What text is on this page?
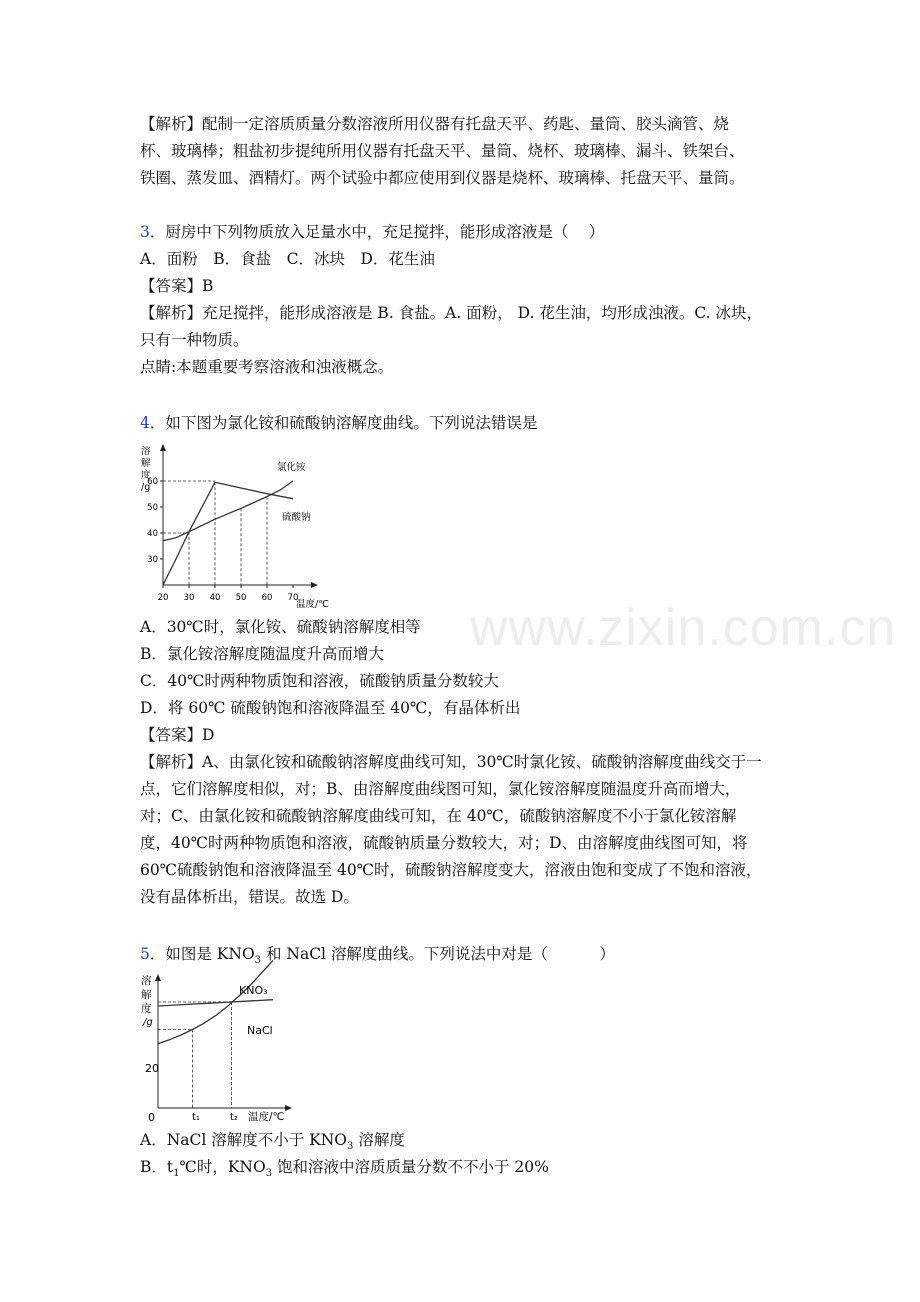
【解析】配制一定溶质质量分数溶液所用仪器有托盘天平、药匙、量筒、胶头滴管、烧
杯、玻璃棒；粗盐初步提纯所用仪器有托盘天平、量筒、烧杯、玻璃棒、漏斗、铁架台、
铁圈、蒸发皿、酒精灯。两个试验中都应使用到仪器是烧杯、玻璃棒、托盘天平、量筒。
3．厨房中下列物质放入足量水中，充足搅拌，能形成溶液是（　 ）
A．面粉　B．食盐　C．冰块　D．花生油
【答案】B
【解析】充足搅拌，能形成溶液是 B. 食盐。A. 面粉， D. 花生油，均形成浊液。C. 冰块，
只有一种物质。
点睛:本题重要考察溶液和浊液概念。
4．如下图为氯化铵和硫酸钠溶解度曲线。下列说法错误是
溶
解
度
/g
20 30 40 50 60 70
30
40
50
60
氯化铵
硫酸钠
温度/℃
A．30℃时，氯化铵、硫酸钠溶解度相等
B．氯化铵溶解度随温度升高而增大
C．40℃时两种物质饱和溶液，硫酸钠质量分数较大
D．将 60℃ 硫酸钠饱和溶液降温至 40℃，有晶体析出
【答案】D
【解析】A、由氯化铵和硫酸钠溶解度曲线可知，30℃时氯化铵、硫酸钠溶解度曲线交于一
点，它们溶解度相似，对；B、由溶解度曲线图可知，氯化铵溶解度随温度升高而增大，
对；C、由氯化铵和硫酸钠溶解度曲线可知，在 40℃，硫酸钠溶解度不小于氯化铵溶解
度，40℃时两种物质饱和溶液，硫酸钠质量分数较大，对；D、由溶解度曲线图可知，将
60℃硫酸钠饱和溶液降温至 40℃时，硫酸钠溶解度变大，溶液由饱和变成了不饱和溶液，
没有晶体析出，错误。故选 D。
5．如图是 $KNO_3$ 和 NaCl 溶解度曲线。下列说法中对是（　　　 ）
溶
解
度
/g
KNO₃
NaCl
20
0	t₁	t₂ 温度/℃
A．NaCl 溶解度不小于 $KNO_3$ 溶解度
B．$t_1℃$时，$KNO_3$ 饱和溶液中溶质质量分数不不小于 20%
www.zixin.com.cn
